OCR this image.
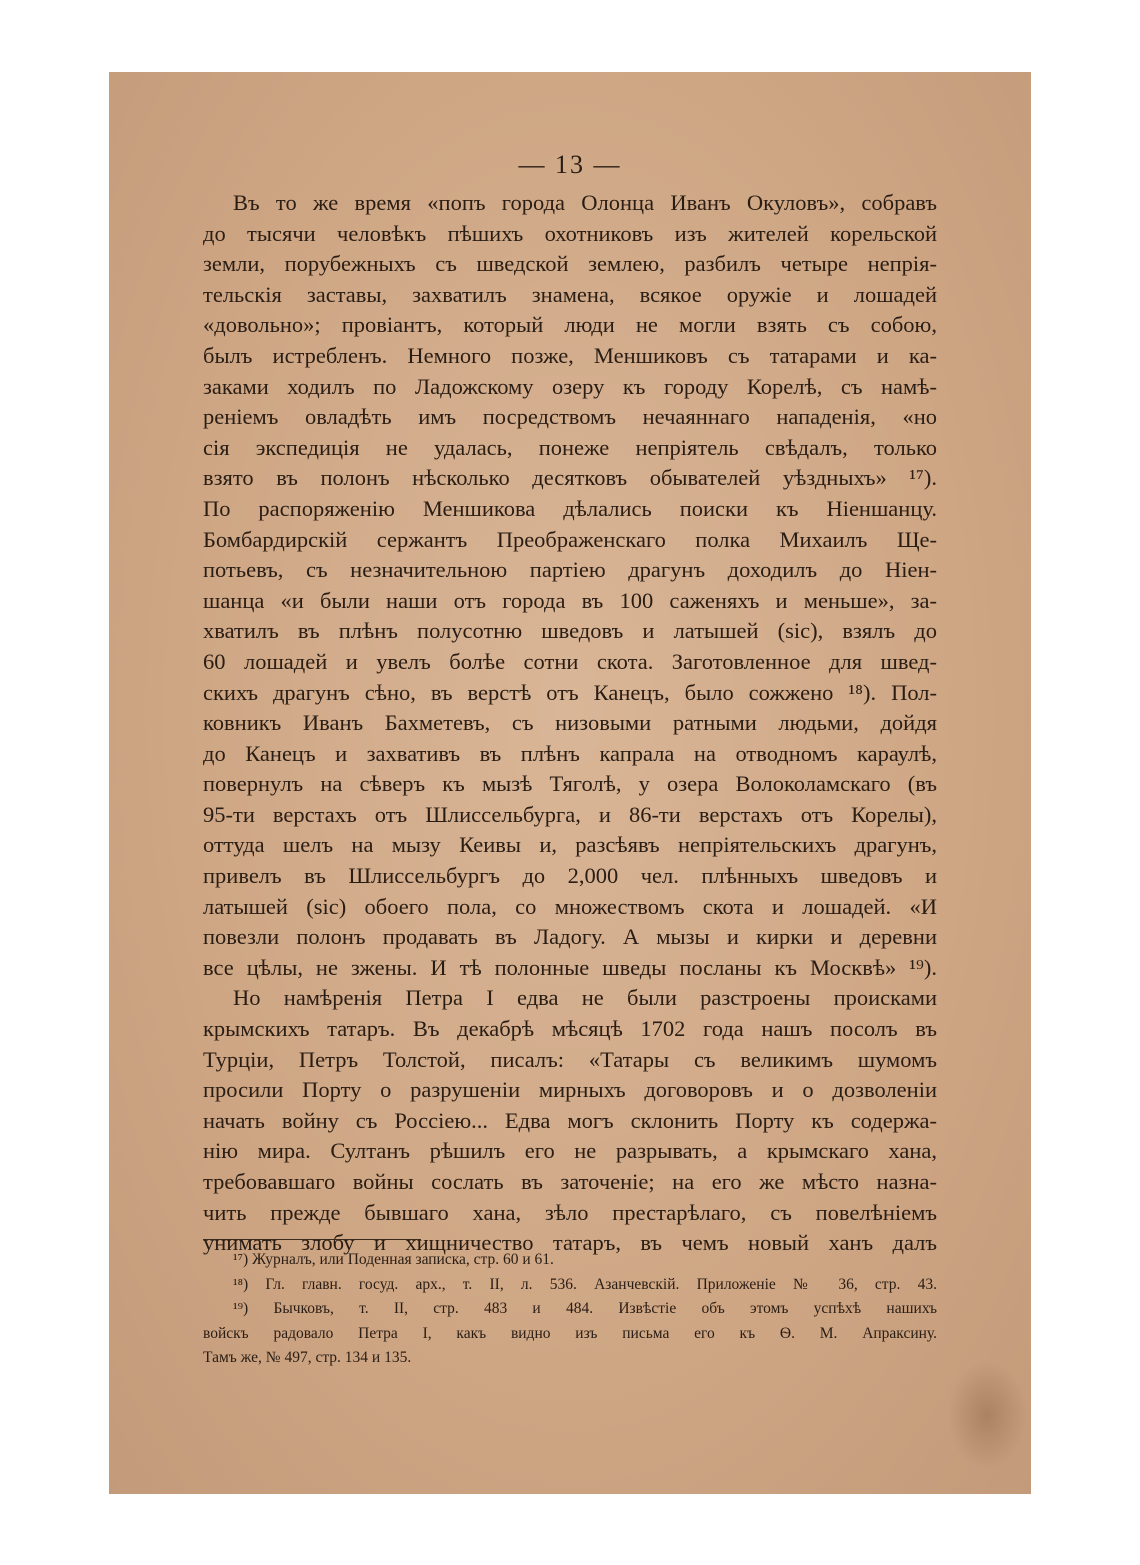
— 13 —
Въ то же время «попъ города Олонца Иванъ Окуловъ», собравъ
до тысячи человѣкъ пѣшихъ охотниковъ изъ жителей корельской
земли, порубежныхъ съ шведской землею, разбилъ четыре непрія-
тельскія заставы, захватилъ знамена, всякое оружіе и лошадей
«довольно»; провіантъ, который люди не могли взять съ собою,
былъ истребленъ. Немного позже, Меншиковъ съ татарами и ка-
заками ходилъ по Ладожскому озеру къ городу Корелѣ, съ намѣ-
реніемъ овладѣть имъ посредствомъ нечаяннаго нападенія, «но
сія экспедиція не удалась, понеже непріятель свѣдалъ, только
взято въ полонъ нѣсколько десятковъ обывателей уѣздныхъ» ¹⁷).
По распоряженію Меншикова дѣлались поиски къ Ніеншанцу.
Бомбардирскій сержантъ Преображенскаго полка Михаилъ Ще-
потьевъ, съ незначительною партіею драгунъ доходилъ до Ніен-
шанца «и были наши отъ города въ 100 саженяхъ и меньше», за-
хватилъ въ плѣнъ полусотню шведовъ и латышей (sic), взялъ до
60 лошадей и увелъ болѣе сотни скота. Заготовленное для швед-
скихъ драгунъ сѣно, въ верстѣ отъ Канецъ, было сожжено ¹⁸). Пол-
ковникъ Иванъ Бахметевъ, съ низовыми ратными людьми, дойдя
до Канецъ и захвативъ въ плѣнъ капрала на отводномъ караулѣ,
повернулъ на сѣверъ къ мызѣ Тяголѣ, у озера Волоколамскаго (въ
95-ти верстахъ отъ Шлиссельбурга, и 86-ти верстахъ отъ Корелы),
оттуда шелъ на мызу Кеивы и, разсѣявъ непріятельскихъ драгунъ,
привелъ въ Шлиссельбургъ до 2,000 чел. плѣнныхъ шведовъ и
латышей (sic) обоего пола, со множествомъ скота и лошадей. «И
повезли полонъ продавать въ Ладогу. А мызы и кирки и деревни
все цѣлы, не зжены. И тѣ полонные шведы посланы къ Москвѣ» ¹⁹).
Но намѣренія Петра I едва не были разстроены происками
крымскихъ татаръ. Въ декабрѣ мѣсяцѣ 1702 года нашъ посолъ въ
Турціи, Петръ Толстой, писалъ: «Татары съ великимъ шумомъ
просили Порту о разрушеніи мирныхъ договоровъ и о дозволеніи
начать войну съ Россіею... Едва могъ склонить Порту къ содержа-
нію мира. Султанъ рѣшилъ его не разрывать, а крымскаго хана,
требовавшаго войны сослать въ заточеніе; на его же мѣсто назна-
чить прежде бывшаго хана, зѣло престарѣлаго, съ повелѣніемъ
унимать злобу и хищничество татаръ, въ чемъ новый ханъ далъ
¹⁷) Журналъ, или Поденная записка, стр. 60 и 61.
¹⁸) Гл. главн. госуд. арх., т. II, л. 536. Азанчевскій. Приложеніе № 36, стр. 43.
¹⁹) Бычковъ, т. II, стр. 483 и 484. Извѣстіе объ этомъ успѣхѣ нашихъ
войскъ радовало Петра I, какъ видно изъ письма его къ Ѳ. М. Апраксину.
Тамъ же, № 497, стр. 134 и 135.
